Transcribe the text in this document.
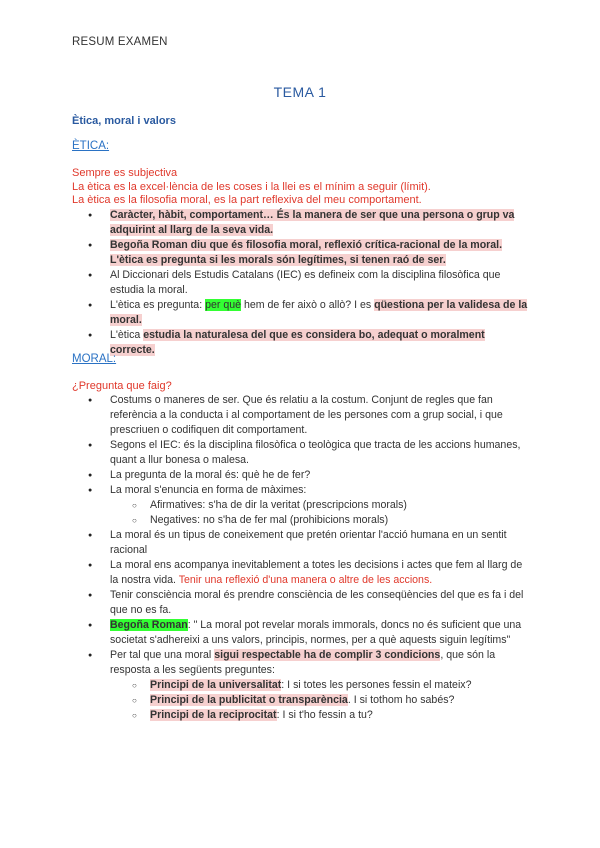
RESUM EXAMEN
TEMA 1
Ètica, moral i valors
ÈTICA:
Sempre es subjectiva
La ètica es la excel·lència de les coses i la llei es el mínim a seguir (límit).
La ètica es la filosofia moral, es la part reflexiva del meu comportament.
● Caràcter, hàbit, comportament… És la manera de ser que una persona o grup va adquirint al llarg de la seva vida.
● Begoña Roman diu que és filosofia moral, reflexió crítica-racional de la moral. L'ètica es pregunta si les morals són legítimes, si tenen raó de ser.
● Al Diccionari dels Estudis Catalans (IEC) es defineix com la disciplina filosòfica que estudia la moral.
● L'ètica es pregunta: per què hem de fer això o allò? I es qüestiona per la validesa de la moral.
● L'ètica estudia la naturalesa del que es considera bo, adequat o moralment correcte.
MORAL:
¿Pregunta que faig?
● Costums o maneres de ser. Que és relatiu a la costum. Conjunt de regles que fan referència a la conducta i al comportament de les persones com a grup social, i que prescriuen o codifiquen dit comportament.
● Segons el IEC: és la disciplina filosòfica o teològica que tracta de les accions humanes, quant a llur bonesa o malesa.
● La pregunta de la moral és: què he de fer?
● La moral s'enuncia en forma de màximes:
○ Afirmatives: s'ha de dir la veritat (prescripcions morals)
○ Negatives: no s'ha de fer mal (prohibicions morals)
● La moral és un tipus de coneixement que pretén orientar l'acció humana en un sentit racional
● La moral ens acompanya inevitablement a totes les decisions i actes que fem al llarg de la nostra vida. Tenir una reflexió d'una manera o altre de les accions.
● Tenir consciència moral és prendre consciència de les conseqüències del que es fa i del que no es fa.
● Begoña Roman: " La moral pot revelar morals immorals, doncs no és suficient que una societat s'adhereixi a uns valors, principis, normes, per a què aquests siguin legítims"
● Per tal que una moral sigui respectable ha de complir 3 condicions, que són la resposta a les següents preguntes:
○ Principi de la universalitat: I si totes les persones fessin el mateix?
○ Principi de la publicitat o transparència. I si tothom ho sabés?
○ Principi de la reciprocitat: I si t'ho fessin a tu?
